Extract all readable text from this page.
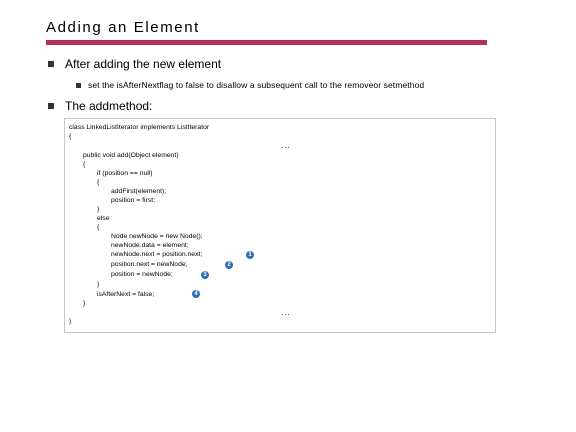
Adding an Element
After adding the new element
set the isAfterNextflag to false to disallow a subsequent call to the removeor setmethod
The addmethod:
class LinkedListIterator implements ListIterator
{
...
public void add(Object element)
{
if (position == null)
{
addFirst(element);
position = first;
}
else
{
Node newNode = new Node();
newNode.data = element;
newNode.next = position.next;
position.next = newNode;
position = newNode;
}
isAfterNext = false;
}
...
}
1
2
3
4
